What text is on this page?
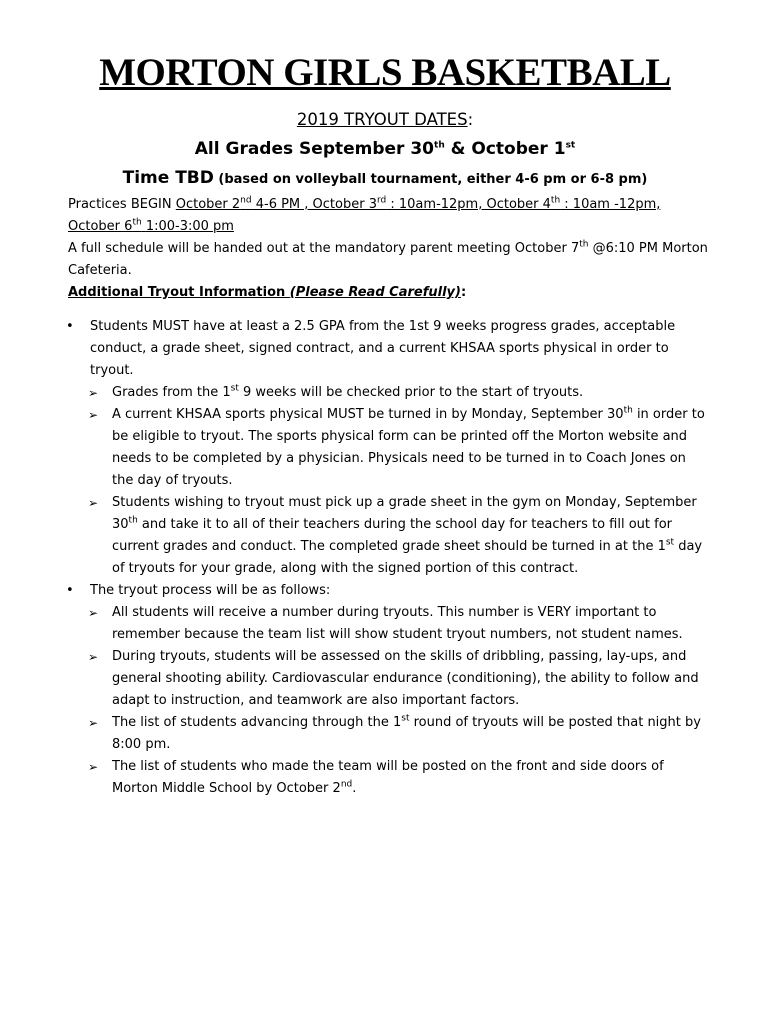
MORTON GIRLS BASKETBALL
2019 TRYOUT DATES:
All Grades September 30th & October 1st
Time TBD (based on volleyball tournament, either 4-6 pm or 6-8 pm)
Practices BEGIN October 2nd 4-6 PM , October 3rd : 10am-12pm, October 4th : 10am -12pm, October 6th 1:00-3:00 pm
A full schedule will be handed out at the mandatory parent meeting October 7th @6:10 PM Morton Cafeteria.
Additional Tryout Information (Please Read Carefully):
• Students MUST have at least a 2.5 GPA from the 1st 9 weeks progress grades, acceptable conduct, a grade sheet, signed contract, and a current KHSAA sports physical in order to tryout.
➢ Grades from the 1st 9 weeks will be checked prior to the start of tryouts.
➢ A current KHSAA sports physical MUST be turned in by Monday, September 30th in order to be eligible to tryout. The sports physical form can be printed off the Morton website and needs to be completed by a physician. Physicals need to be turned in to Coach Jones on the day of tryouts.
➢ Students wishing to tryout must pick up a grade sheet in the gym on Monday, September 30th and take it to all of their teachers during the school day for teachers to fill out for current grades and conduct. The completed grade sheet should be turned in at the 1st day of tryouts for your grade, along with the signed portion of this contract.
• The tryout process will be as follows:
➢ All students will receive a number during tryouts. This number is VERY important to remember because the team list will show student tryout numbers, not student names.
➢ During tryouts, students will be assessed on the skills of dribbling, passing, lay-ups, and general shooting ability. Cardiovascular endurance (conditioning), the ability to follow and adapt to instruction, and teamwork are also important factors.
➢ The list of students advancing through the 1st round of tryouts will be posted that night by 8:00 pm.
➢ The list of students who made the team will be posted on the front and side doors of Morton Middle School by October 2nd.
